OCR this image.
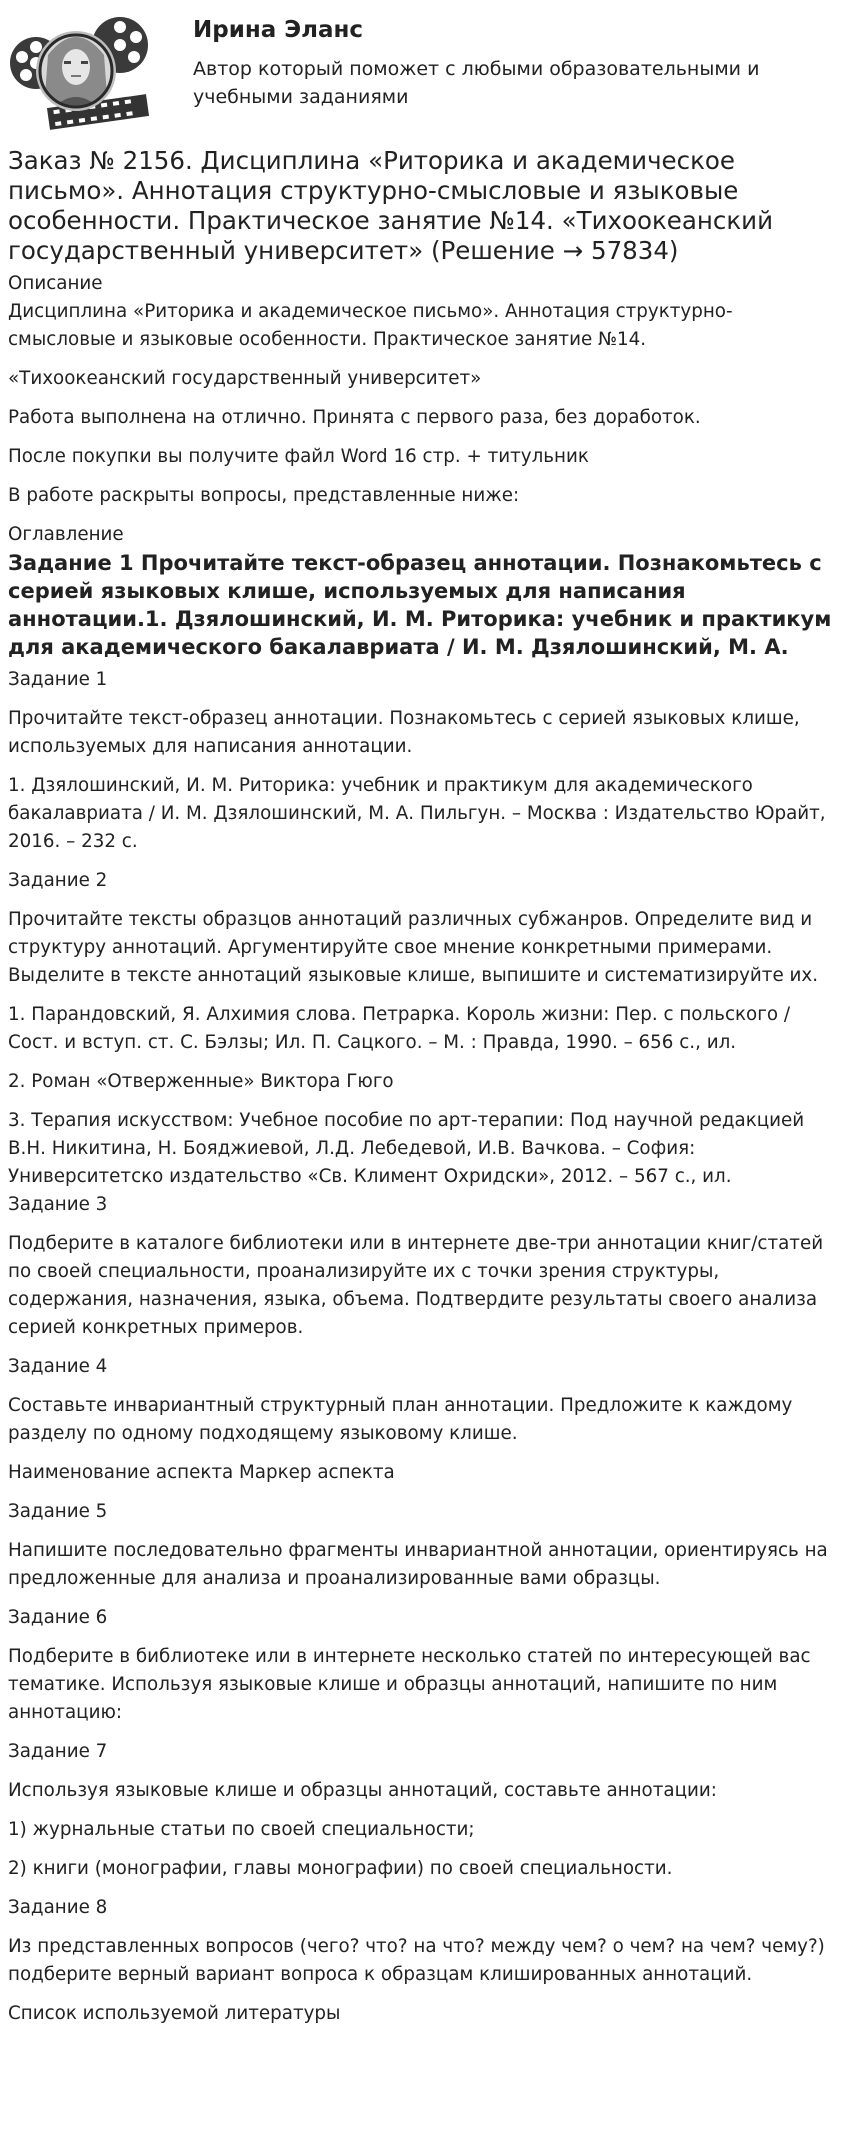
Ирина Эланс
Автор который поможет с любыми образовательными и учебными заданиями
Заказ № 2156. Дисциплина «Риторика и академическое письмо». Аннотация структурно-смысловые и языковые особенности. Практическое занятие №14. «Тихоокеанский государственный университет» (Решение → 57834)
Описание
Дисциплина «Риторика и академическое письмо». Аннотация структурно-смысловые и языковые особенности. Практическое занятие №14.
«Тихоокеанский государственный университет»
Работа выполнена на отлично. Принята с первого раза, без доработок.
После покупки вы получите файл Word 16 стр. + титульник
В работе раскрыты вопросы, представленные ниже:
Оглавление
Задание 1 Прочитайте текст-образец аннотации. Познакомьтесь с серией языковых клише, используемых для написания аннотации.1. Дзялошинский, И. М. Риторика: учебник и практикум для академического бакалавриата / И. М. Дзялошинский, М. А.
Задание 1
Прочитайте текст-образец аннотации. Познакомьтесь с серией языковых клише, используемых для написания аннотации.
1. Дзялошинский, И. М. Риторика: учебник и практикум для академического бакалавриата / И. М. Дзялошинский, М. А. Пильгун. – Москва : Издательство Юрайт, 2016. – 232 с.
Задание 2
Прочитайте тексты образцов аннотаций различных субжанров. Определите вид и структуру аннотаций. Аргументируйте свое мнение конкретными примерами. Выделите в тексте аннотаций языковые клише, выпишите и систематизируйте их.
1. Парандовский, Я. Алхимия слова. Петрарка. Король жизни: Пер. с польского / Сост. и вступ. ст. С. Бэлзы; Ил. П. Сацкого. – М. : Правда, 1990. – 656 с., ил.
2. Роман «Отверженные» Виктора Гюго
3. Терапия искусством: Учебное пособие по арт-терапии: Под научной редакцией В.Н. Никитина, Н. Бояджиевой, Л.Д. Лебедевой, И.В. Вачкова. – София: Университетско издательство «Св. Климент Охридски», 2012. – 567 с., ил.
Задание 3
Подберите в каталоге библиотеки или в интернете две-три аннотации книг/статей по своей специальности, проанализируйте их с точки зрения структуры, содержания, назначения, языка, объема. Подтвердите результаты своего анализа серией конкретных примеров.
Задание 4
Составьте инвариантный структурный план аннотации. Предложите к каждому разделу по одному подходящему языковому клише.
Наименование аспекта Маркер аспекта
Задание 5
Напишите последовательно фрагменты инвариантной аннотации, ориентируясь на предложенные для анализа и проанализированные вами образцы.
Задание 6
Подберите в библиотеке или в интернете несколько статей по интересующей вас тематике. Используя языковые клише и образцы аннотаций, напишите по ним аннотацию:
Задание 7
Используя языковые клише и образцы аннотаций, составьте аннотации:
1) журнальные статьи по своей специальности;
2) книги (монографии, главы монографии) по своей специальности.
Задание 8
Из представленных вопросов (чего? что? на что? между чем? о чем? на чем? чему?) подберите верный вариант вопроса к образцам клишированных аннотаций.
Список используемой литературы
